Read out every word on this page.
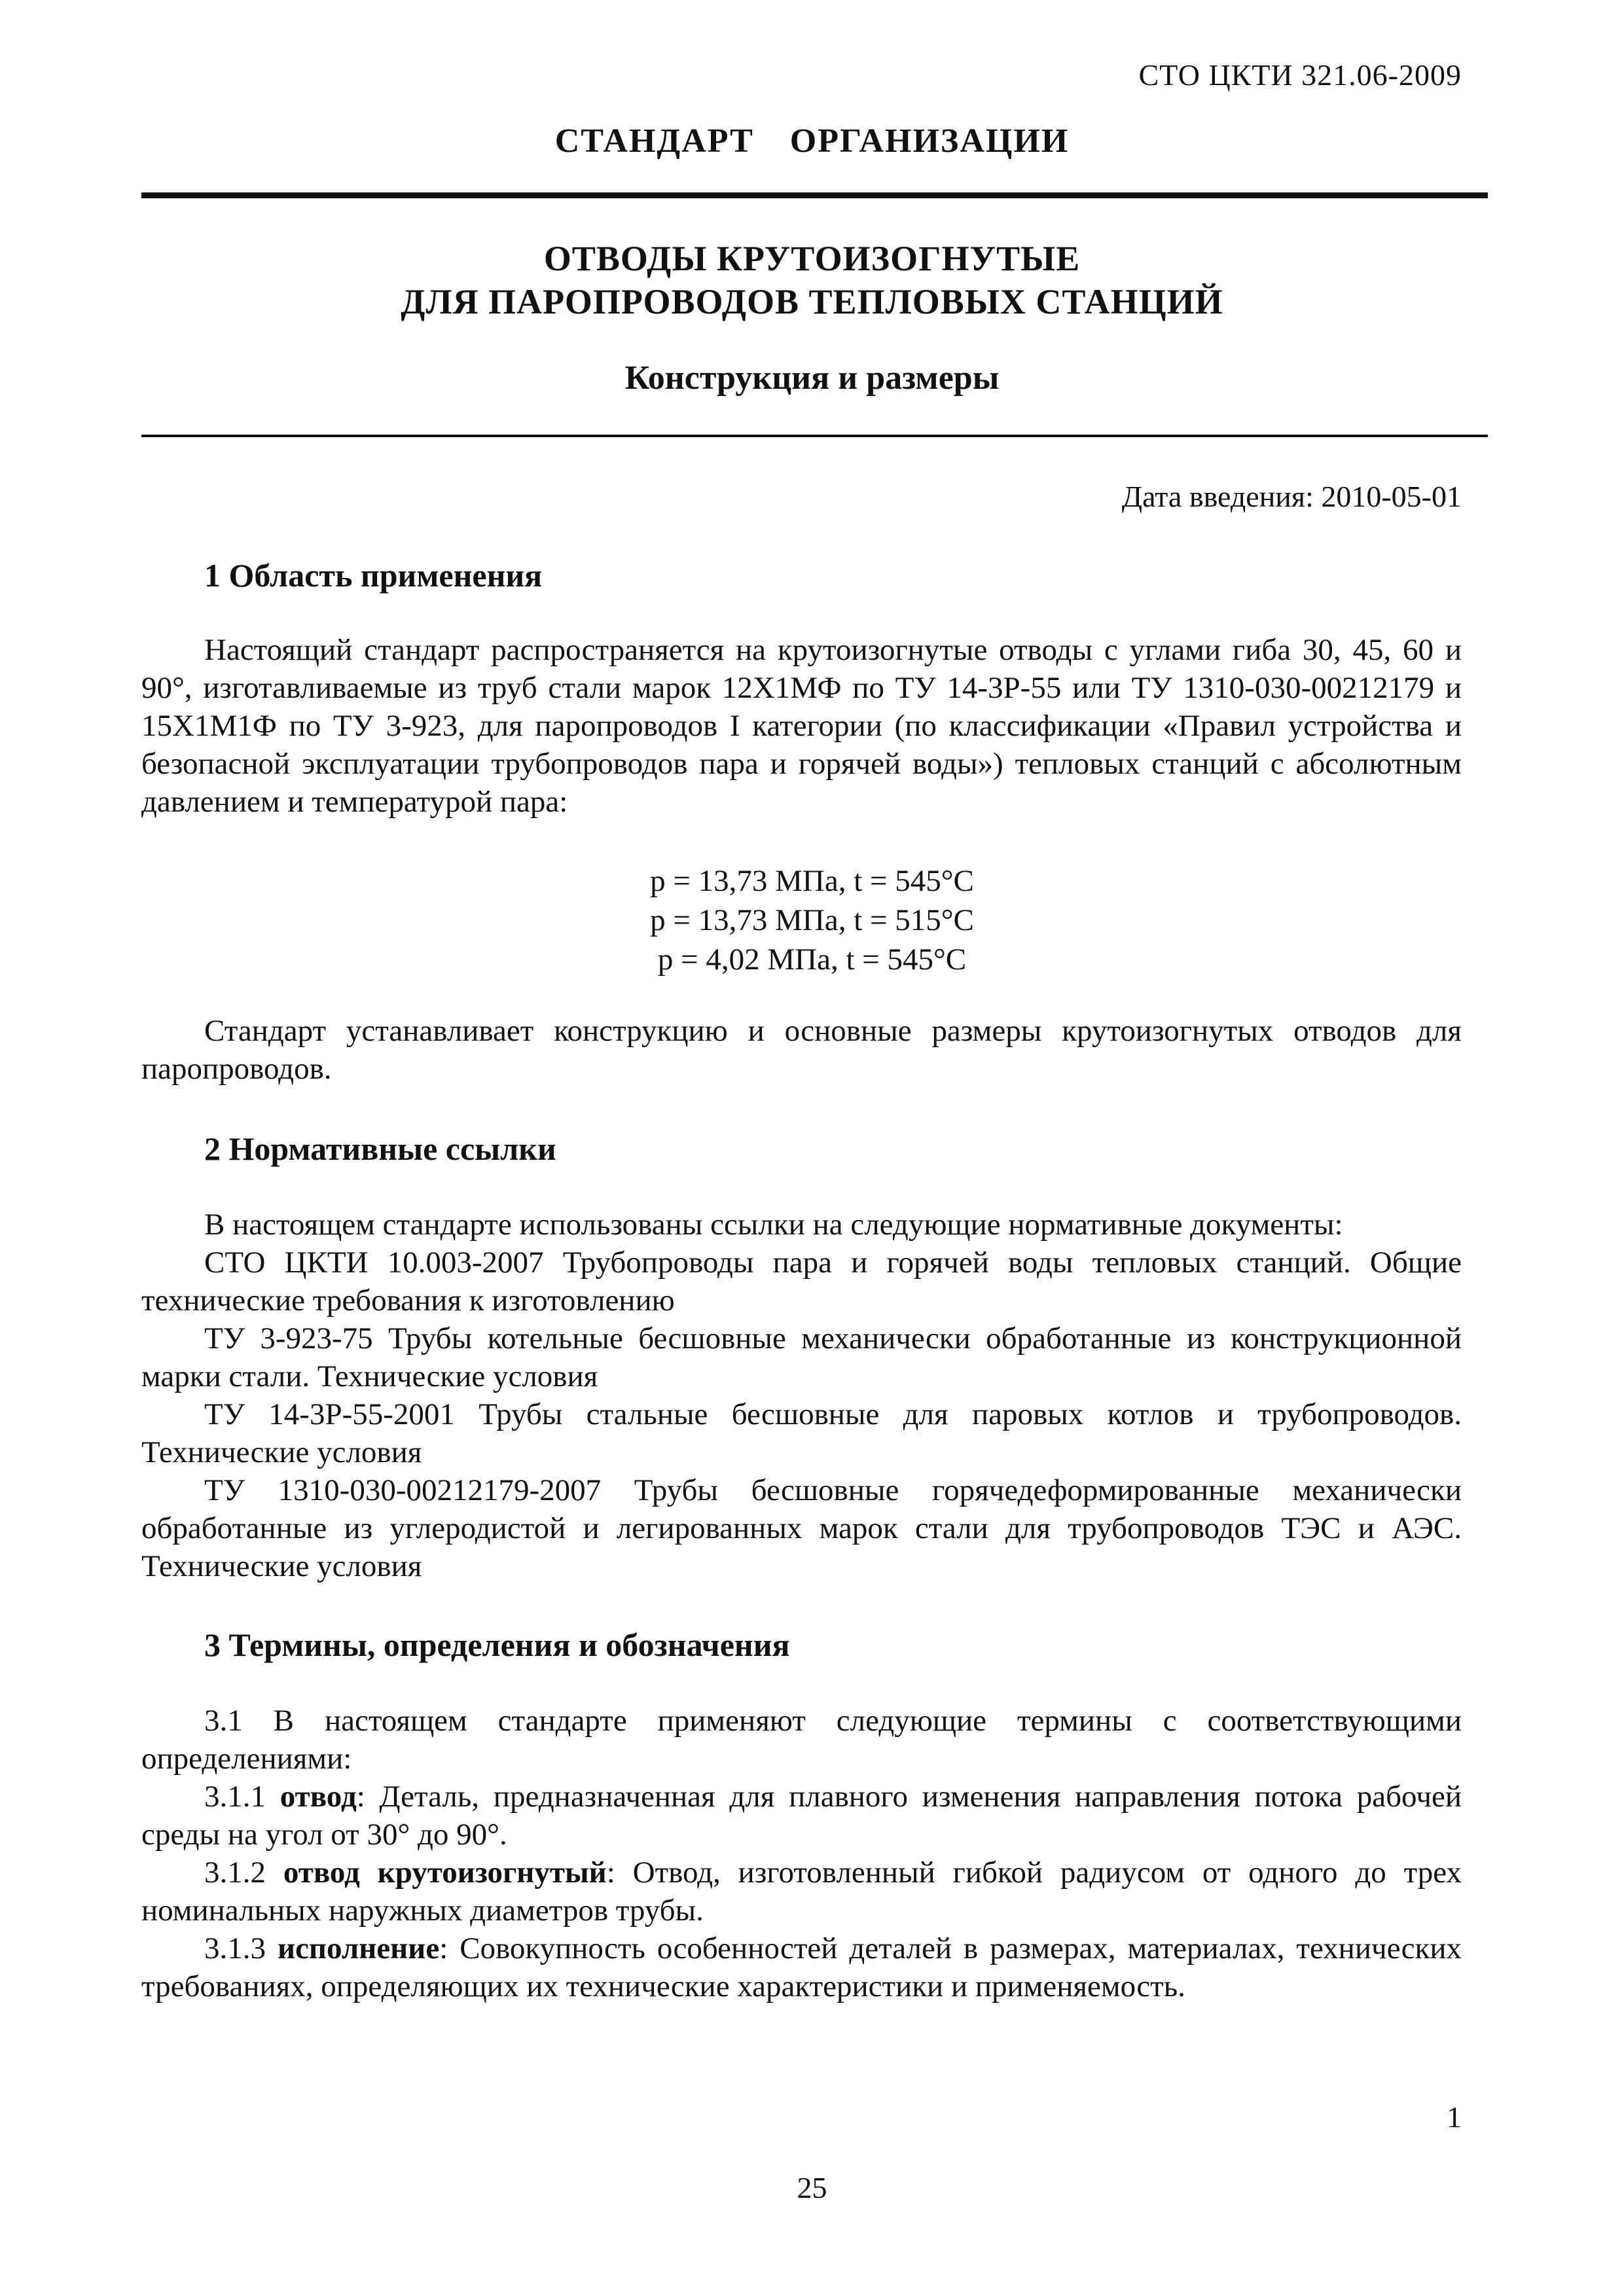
СТО ЦКТИ 321.06-2009
СТАНДАРТ ОРГАНИЗАЦИИ
ОТВОДЫ КРУТОИЗОГНУТЫЕ
ДЛЯ ПАРОПРОВОДОВ ТЕПЛОВЫХ СТАНЦИЙ
Конструкция и размеры
Дата введения: 2010-05-01
1 Область применения
Настоящий стандарт распространяется на крутоизогнутые отводы с углами гиба 30, 45, 60 и 90°, изготавливаемые из труб стали марок 12Х1МФ по ТУ 14-3Р-55 или ТУ 1310-030-00212179 и 15Х1М1Ф по ТУ 3-923, для паропроводов I категории (по классификации «Правил устройства и безопасной эксплуатации трубопроводов пара и горячей воды») тепловых станций с абсолютным давлением и температурой пара:
p = 13,73 МПа, t = 545°С
p = 13,73 МПа, t = 515°С
p = 4,02 МПа, t = 545°С
Стандарт устанавливает конструкцию и основные размеры крутоизогнутых отводов для паропроводов.
2 Нормативные ссылки
В настоящем стандарте использованы ссылки на следующие нормативные документы:
СТО ЦКТИ 10.003-2007 Трубопроводы пара и горячей воды тепловых станций. Общие технические требования к изготовлению
ТУ 3-923-75 Трубы котельные бесшовные механически обработанные из конструкционной марки стали. Технические условия
ТУ 14-3Р-55-2001 Трубы стальные бесшовные для паровых котлов и трубопроводов. Технические условия
ТУ 1310-030-00212179-2007 Трубы бесшовные горячедеформированные механически обработанные из углеродистой и легированных марок стали для трубопроводов ТЭС и АЭС. Технические условия
3 Термины, определения и обозначения
3.1 В настоящем стандарте применяют следующие термины с соответствующими определениями:
3.1.1 отвод: Деталь, предназначенная для плавного изменения направления потока рабочей среды на угол от 30° до 90°.
3.1.2 отвод крутоизогнутый: Отвод, изготовленный гибкой радиусом от одного до трех номинальных наружных диаметров трубы.
3.1.3 исполнение: Совокупность особенностей деталей в размерах, материалах, технических требованиях, определяющих их технические характеристики и применяемость.
1
25
